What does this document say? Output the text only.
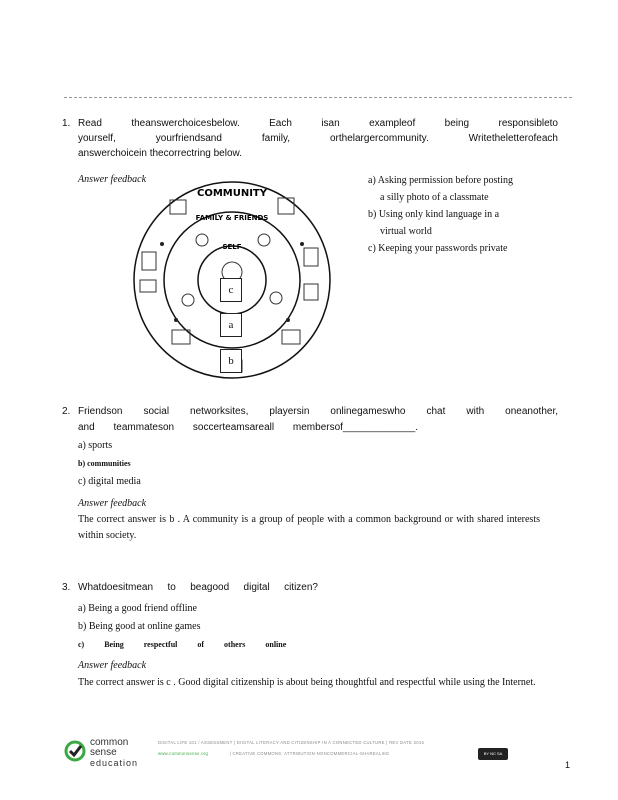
1. Read theanswerchoicesbelow. Each isan exampleof being responsibleto
yourself, yourfriendsand family, orthelargercommunity. Writetheletterofeach
answerchoicein thecorrectring below.
Answer feedback
COMMUNITY
FAMILY & FRIENDS
SELF
c
a
b
a) Asking permission before posting
a silly photo of a classmate
b) Using only kind language in a
virtual world
c) Keeping your passwords private
2. Friendson social networksites, playersin onlinegameswho chat with oneanother,
and teammateson soccerteamsareall membersof_____________.
a) sports
b) communities
c) digital media
Answer feedback
The correct answer is b . A community is a group of people with a common background or with shared interests within society.
3. Whatdoesitmean to beagood digital citizen?
a) Being a good friend offline
b) Being good at online games
c) Being respectful of others online
Answer feedback
The correct answer is c . Good digital citizenship is about being thoughtful and respectful while using the Internet.
common
sense
education
DIGITAL LIFE 101 / ASSESSMENT | DIGITAL LITERACY AND CITIZENSHIP IN A CONNECTED CULTURE | REV DATE 2015
www.commonsense.org	| CREATIVE COMMONS: ATTRIBUTION-NONCOMMERCIAL-SHAREALIKE	BY NC SA
1
